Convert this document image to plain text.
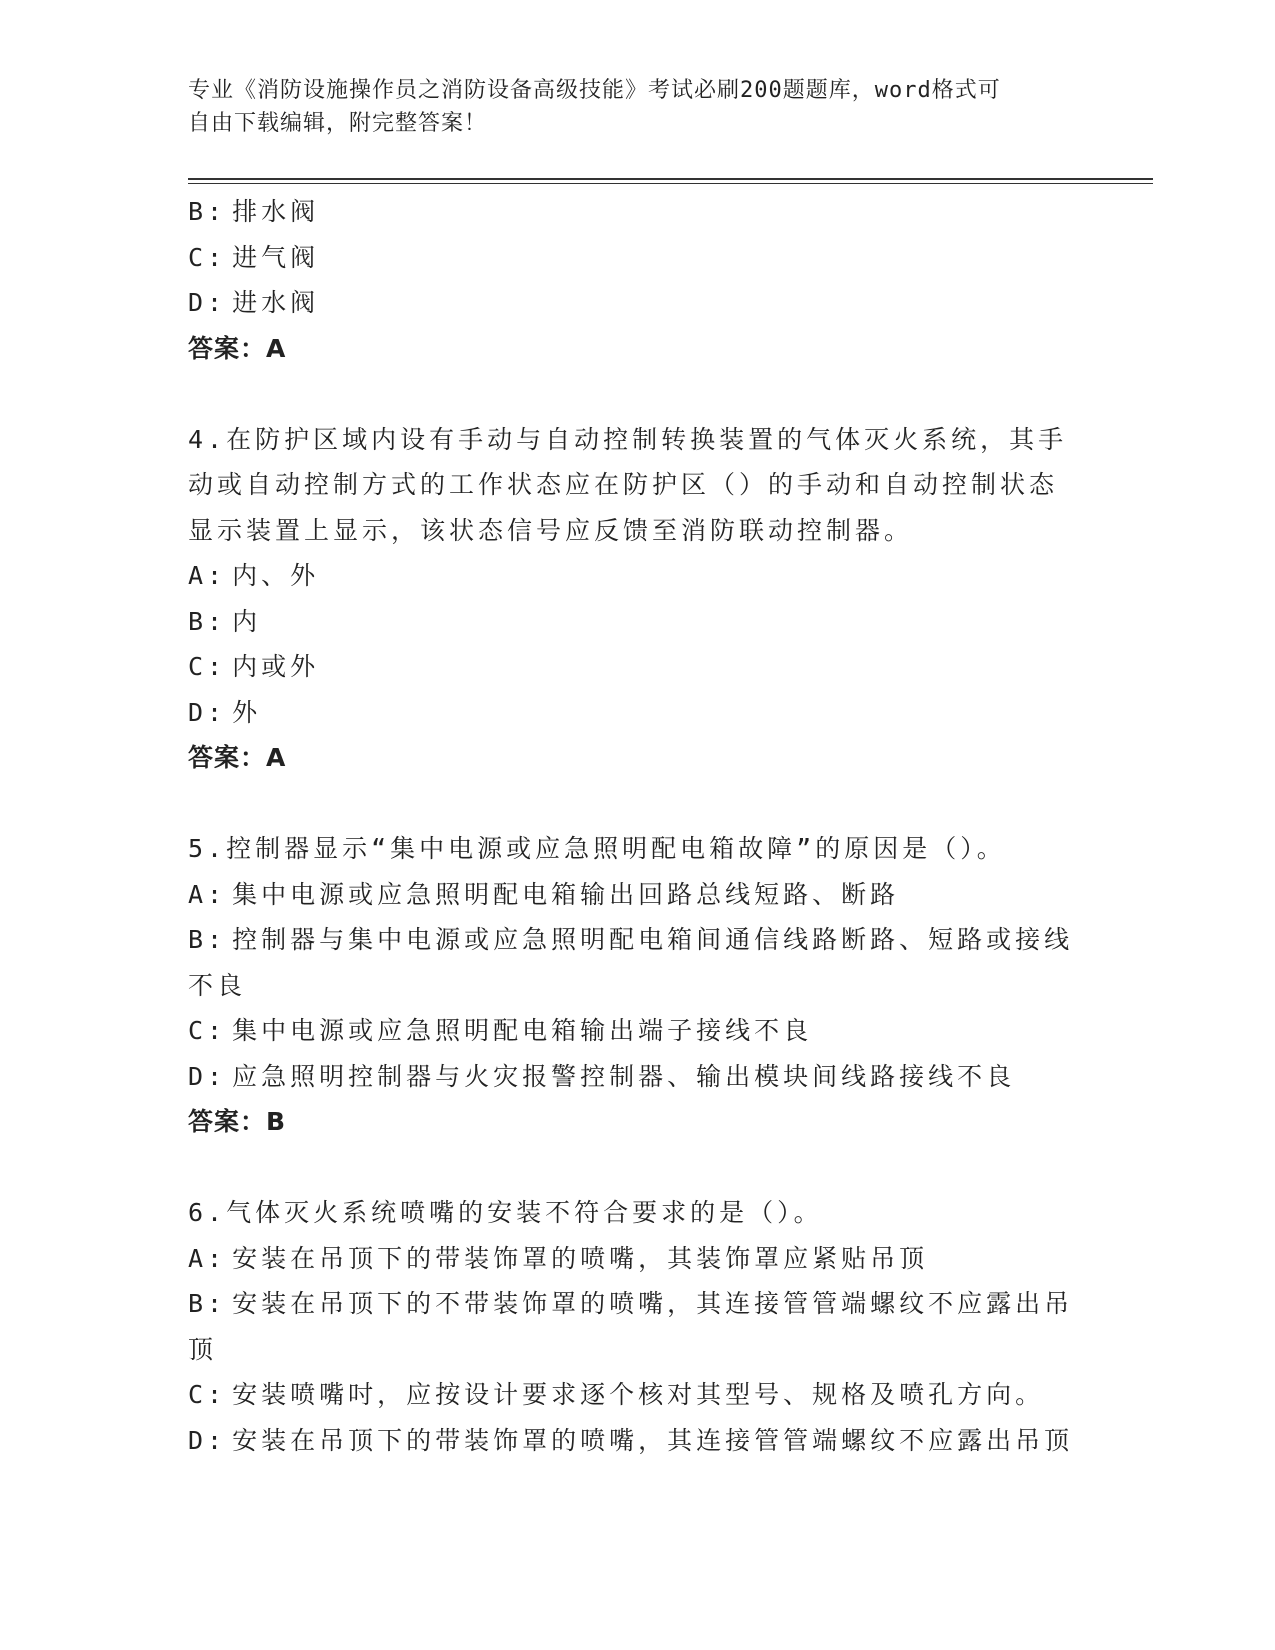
专业《消防设施操作员之消防设备高级技能》考试必刷200题题库，word格式可
自由下载编辑，附完整答案！
B: 排水阀
C: 进气阀
D: 进水阀
答案：A
4.在防护区域内设有手动与自动控制转换装置的气体灭火系统，其手
动或自动控制方式的工作状态应在防护区（）的手动和自动控制状态
显示装置上显示，该状态信号应反馈至消防联动控制器。
A: 内、外
B: 内
C: 内或外
D: 外
答案：A
5.控制器显示“集中电源或应急照明配电箱故障”的原因是（）。
A: 集中电源或应急照明配电箱输出回路总线短路、断路
B: 控制器与集中电源或应急照明配电箱间通信线路断路、短路或接线
不良
C: 集中电源或应急照明配电箱输出端子接线不良
D: 应急照明控制器与火灾报警控制器、输出模块间线路接线不良
答案：B
6.气体灭火系统喷嘴的安装不符合要求的是（）。
A: 安装在吊顶下的带装饰罩的喷嘴，其装饰罩应紧贴吊顶
B: 安装在吊顶下的不带装饰罩的喷嘴，其连接管管端螺纹不应露出吊
顶
C: 安装喷嘴吋，应按设计要求逐个核对其型号、规格及喷孔方向。
D: 安装在吊顶下的带装饰罩的喷嘴，其连接管管端螺纹不应露出吊顶
